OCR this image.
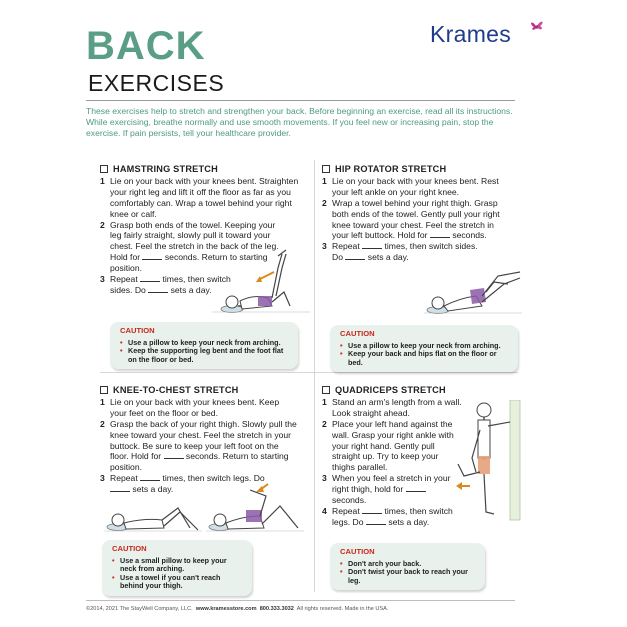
BACK
EXERCISES
Krames
These exercises help to stretch and strengthen your back. Before beginning an exercise, read all its instructions. While exercising, breathe normally and use smooth movements. If you feel new or increasing pain, stop the exercise. If pain persists, tell your healthcare provider.
HAMSTRING STRETCH
1 Lie on your back with your knees bent. Straighten your right leg and lift it off the floor as far as you comfortably can. Wrap a towel behind your right knee or calf.
2 Grasp both ends of the towel. Keeping your leg fairly straight, slowly pull it toward your chest. Feel the stretch in the back of the leg. Hold for	seconds. Return to starting position.
3 Repeat	times, then switch sides. Do	sets a day.
CAUTION
• Use a pillow to keep your neck from arching.
• Keep the supporting leg bent and the foot flat on the floor or bed.
HIP ROTATOR STRETCH
1 Lie on your back with your knees bent. Rest your left ankle on your right knee.
2 Wrap a towel behind your right thigh. Grasp both ends of the towel. Gently pull your right knee toward your chest. Feel the stretch in your left buttock. Hold for	seconds.
3 Repeat	times, then switch sides. Do	sets a day.
CAUTION
• Use a pillow to keep your neck from arching.
• Keep your back and hips flat on the floor or bed.
KNEE-TO-CHEST STRETCH
1 Lie on your back with your knees bent. Keep your feet on the floor or bed.
2 Grasp the back of your right thigh. Slowly pull the knee toward your chest. Feel the stretch in your buttock. Be sure to keep your left foot on the floor. Hold for	seconds. Return to starting position.
3 Repeat	times, then switch legs. Do  sets a day.
CAUTION
• Use a small pillow to keep your neck from arching.
• Use a towel if you can't reach behind your thigh.
QUADRICEPS STRETCH
1 Stand an arm's length from a wall. Look straight ahead.
2 Place your left hand against the wall. Grasp your right ankle with your right hand. Gently pull straight up. Try to keep your thighs parallel.
3 When you feel a stretch in your right thigh, hold for  seconds.
4 Repeat	times, then switch legs. Do	sets a day.
CAUTION
• Don't arch your back.
• Don't twist your back to reach your leg.
©2014, 2021 The StayWell Company, LLC. www.kramesstore.com 800.333.3032 All rights reserved. Made in the USA.
